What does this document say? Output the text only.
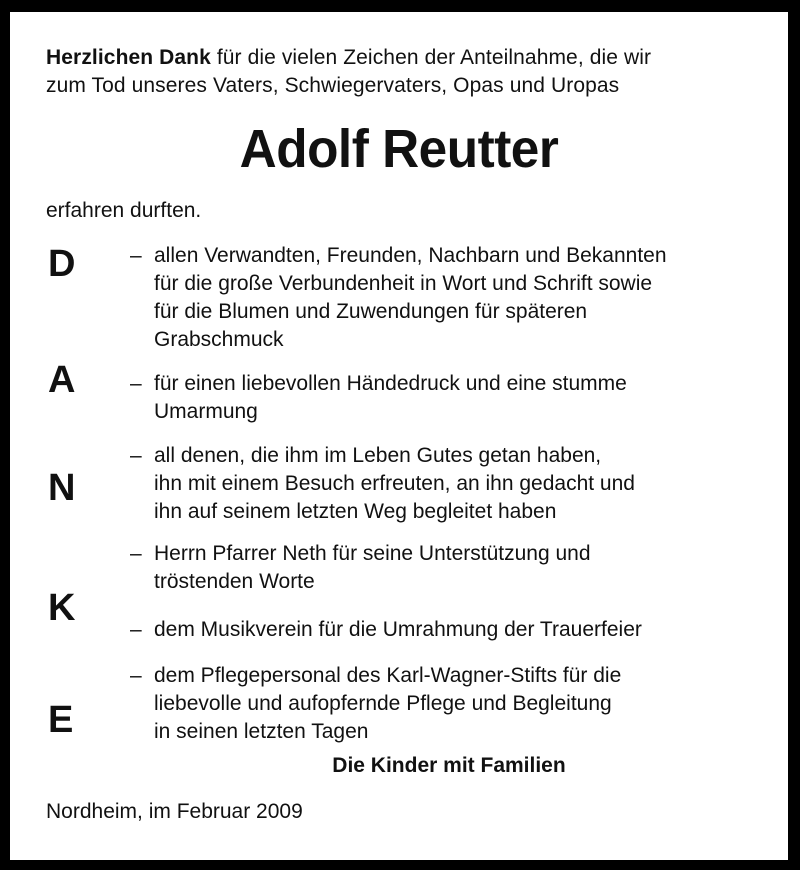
Herzlichen Dank für die vielen Zeichen der Anteilnahme, die wir
zum Tod unseres Vaters, Schwiegervaters, Opas und Uropas
Adolf Reutter
erfahren durften.
D
A
N
K
E
– allen Verwandten, Freunden, Nachbarn und Bekannten
für die große Verbundenheit in Wort und Schrift sowie
für die Blumen und Zuwendungen für späteren
Grabschmuck
– für einen liebevollen Händedruck und eine stumme
Umarmung
– all denen, die ihm im Leben Gutes getan haben,
ihn mit einem Besuch erfreuten, an ihn gedacht und
ihn auf seinem letzten Weg begleitet haben
– Herrn Pfarrer Neth für seine Unterstützung und
tröstenden Worte
– dem Musikverein für die Umrahmung der Trauerfeier
– dem Pflegepersonal des Karl-Wagner-Stifts für die
liebevolle und aufopfernde Pflege und Begleitung
in seinen letzten Tagen
Die Kinder mit Familien
Nordheim, im Februar 2009
